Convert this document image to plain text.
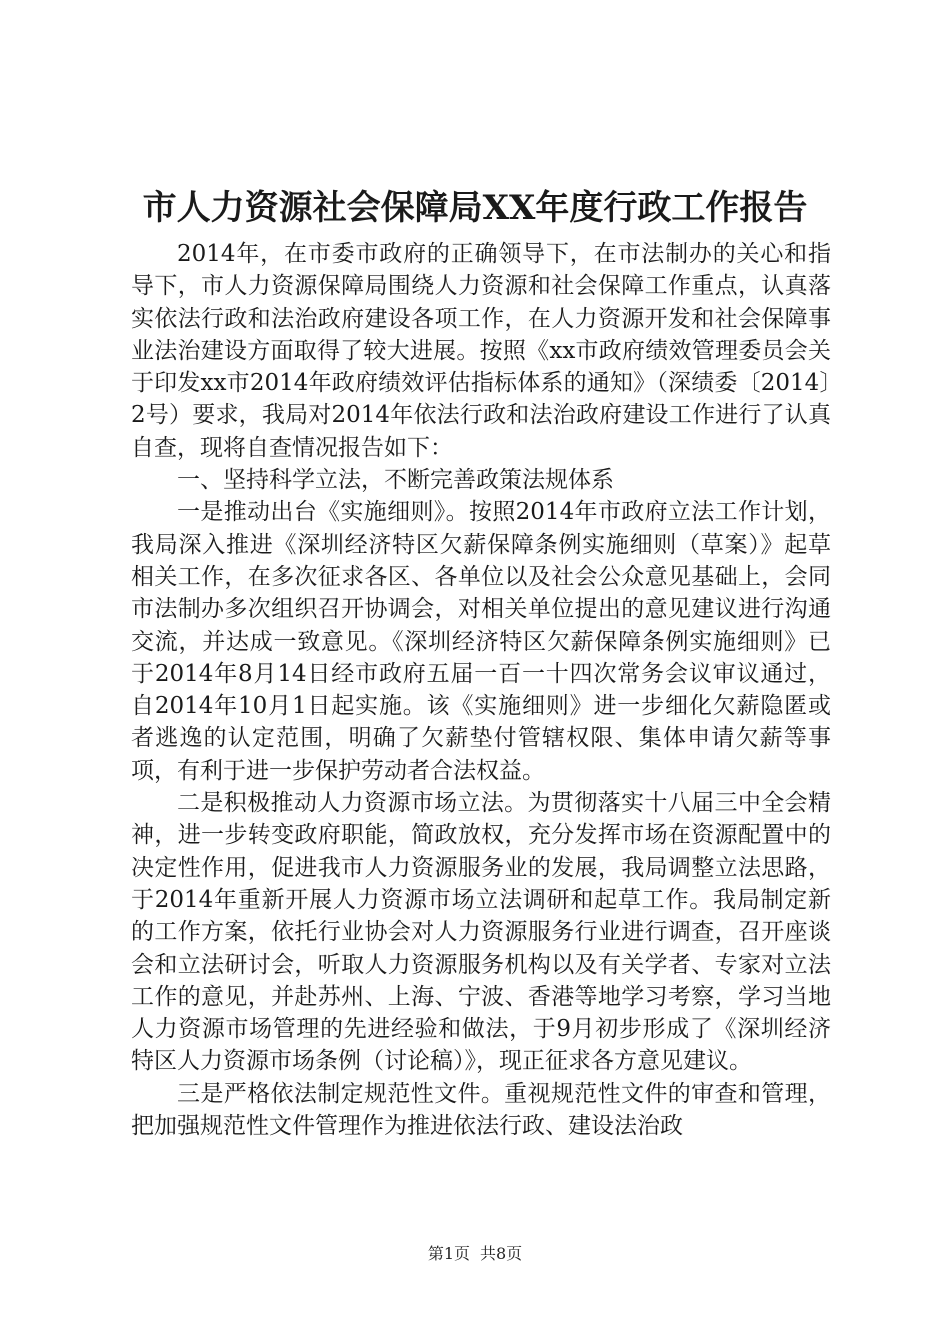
市人力资源社会保障局XX年度行政工作报告

2014年，在市委市政府的正确领导下，在市法制办的关心和指导下，市人力资源保障局围绕人力资源和社会保障工作重点，认真落实依法行政和法治政府建设各项工作，在人力资源开发和社会保障事业法治建设方面取得了较大进展。按照《xx市政府绩效管理委员会关于印发xx市2014年政府绩效评估指标体系的通知》（深绩委〔2014〕2号）要求，我局对2014年依法行政和法治政府建设工作进行了认真自查，现将自查情况报告如下：

一、坚持科学立法，不断完善政策法规体系

一是推动出台《实施细则》。按照2014年市政府立法工作计划，我局深入推进《深圳经济特区欠薪保障条例实施细则（草案）》起草相关工作，在多次征求各区、各单位以及社会公众意见基础上，会同市法制办多次组织召开协调会，对相关单位提出的意见建议进行沟通交流，并达成一致意见。《深圳经济特区欠薪保障条例实施细则》已于2014年8月14日经市政府五届一百一十四次常务会议审议通过，自2014年10月1日起实施。该《实施细则》进一步细化欠薪隐匿或者逃逸的认定范围，明确了欠薪垫付管辖权限、集体申请欠薪等事项，有利于进一步保护劳动者合法权益。

二是积极推动人力资源市场立法。为贯彻落实十八届三中全会精神，进一步转变政府职能，简政放权，充分发挥市场在资源配置中的决定性作用，促进我市人力资源服务业的发展，我局调整立法思路，于2014年重新开展人力资源市场立法调研和起草工作。我局制定新的工作方案，依托行业协会对人力资源服务行业进行调查，召开座谈会和立法研讨会，听取人力资源服务机构以及有关学者、专家对立法工作的意见，并赴苏州、上海、宁波、香港等地学习考察，学习当地人力资源市场管理的先进经验和做法，于9月初步形成了《深圳经济特区人力资源市场条例（讨论稿）》，现正征求各方意见建议。

三是严格依法制定规范性文件。重视规范性文件的审查和管理，把加强规范性文件管理作为推进依法行政、建设法治政

第1页 共8页
